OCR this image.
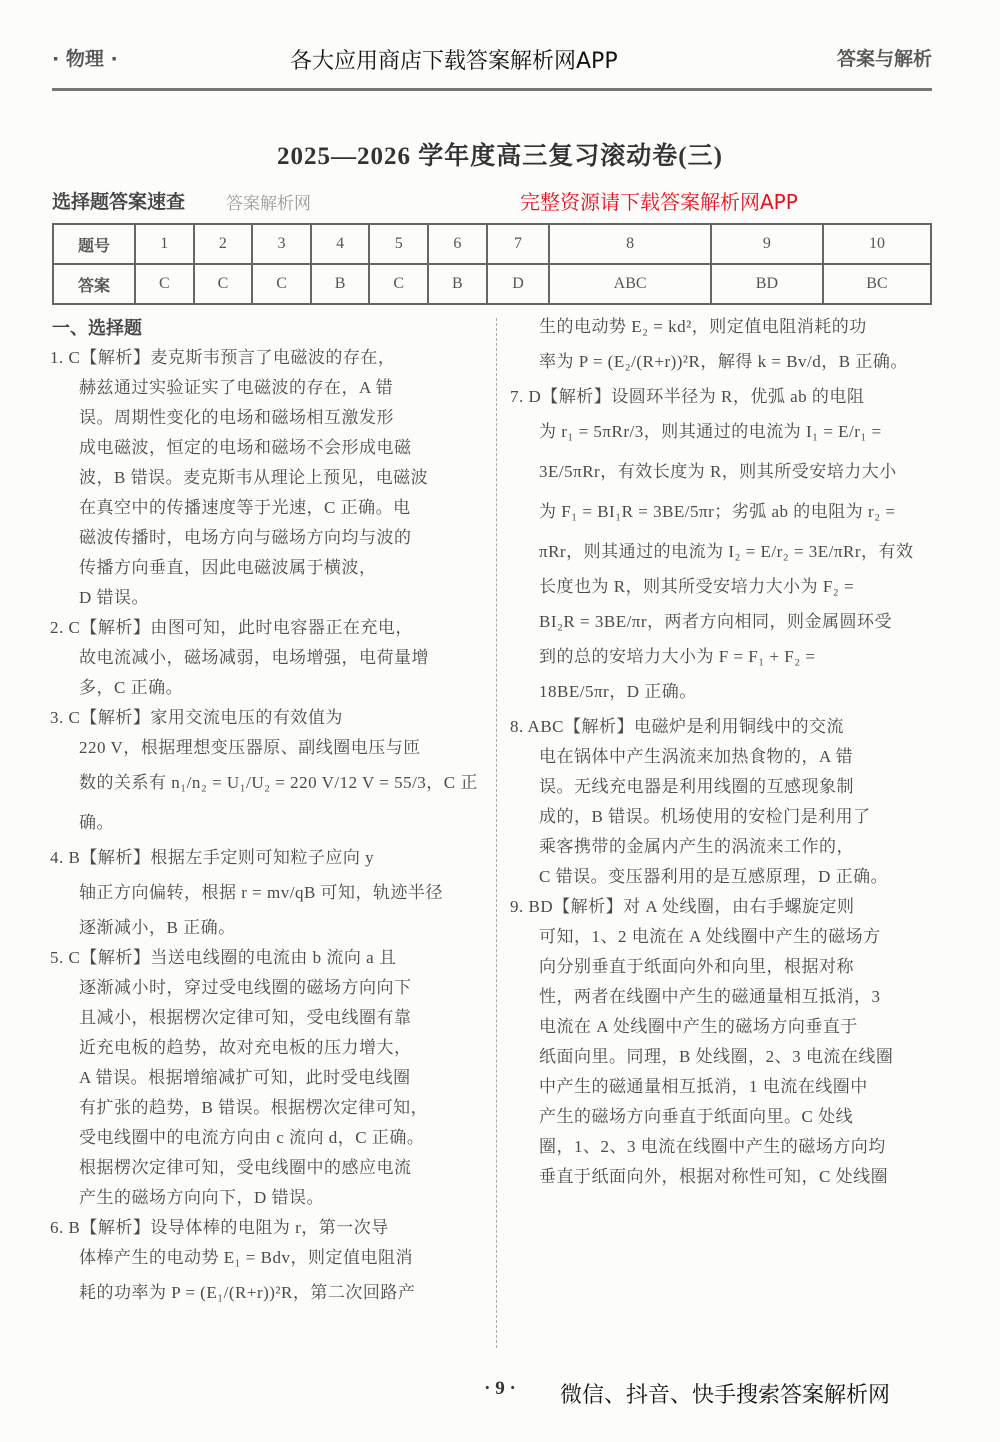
· 物理 ·	答案与解析
2025—2026 学年度高三复习滚动卷(三)
选择题答案速查 答案解析网
题号	1	2	3	4	5	6	7	8	9	10
答案	C	C	C	B	C	B	D	ABC	BD	BC
一、选择题
1. C【解析】麦克斯韦预言了电磁波的存在，
赫兹通过实验证实了电磁波的存在，A 错
误。周期性变化的电场和磁场相互激发形
成电磁波，恒定的电场和磁场不会形成电磁
波，B 错误。麦克斯韦从理论上预见，电磁波
在真空中的传播速度等于光速，C 正确。电
磁波传播时，电场方向与磁场方向均与波的
传播方向垂直，因此电磁波属于横波，
D 错误。
2. C【解析】由图可知，此时电容器正在充电，
故电流减小，磁场减弱，电场增强，电荷量增
多，C 正确。
3. C【解析】家用交流电压的有效值为
220 V，根据理想变压器原、副线圈电压与匝
数的关系有 n₁/n₂ = U₁/U₂ = 220 V/12 V = 55/3，C 正确。
4. B【解析】根据左手定则可知粒子应向 y
轴正方向偏转，根据 r = mv/qB 可知，轨迹半径
逐渐减小，B 正确。
5. C【解析】当送电线圈的电流由 b 流向 a 且
逐渐减小时，穿过受电线圈的磁场方向向下
且减小，根据楞次定律可知，受电线圈有靠
近充电板的趋势，故对充电板的压力增大，
A 错误。根据增缩减扩可知，此时受电线圈
有扩张的趋势，B 错误。根据楞次定律可知，
受电线圈中的电流方向由 c 流向 d，C 正确。
根据楞次定律可知，受电线圈中的感应电流
产生的磁场方向向下，D 错误。
6. B【解析】设导体棒的电阻为 r，第一次导
体棒产生的电动势 E₁ = Bdv，则定值电阻消
耗的功率为 P = (E₁/(R+r))²R，第二次回路产
生的电动势 E₂ = kd²，则定值电阻消耗的功
率为 P = (E₂/(R+r))²R，解得 k = Bv/d，B 正确。
7. D【解析】设圆环半径为 R，优弧 ab 的电阻
为 r₁ = 5πRr/3，则其通过的电流为 I₁ = E/r₁ =
3E/5πRr，有效长度为 R，则其所受安培力大小
为 F₁ = BI₁R = 3BE/5πr；劣弧 ab 的电阻为 r₂ =
πRr，则其通过的电流为 I₂ = E/r₂ = 3E/πRr，有效
长度也为 R，则其所受安培力大小为 F₂ =
BI₂R = 3BE/πr，两者方向相同，则金属圆环受
到的总的安培力大小为 F = F₁ + F₂ =
18BE/5πr，D 正确。
8. ABC【解析】电磁炉是利用铜线中的交流
电在锅体中产生涡流来加热食物的，A 错
误。无线充电器是利用线圈的互感现象制
成的，B 错误。机场使用的安检门是利用了
乘客携带的金属内产生的涡流来工作的，
C 错误。变压器利用的是互感原理，D 正确。
9. BD【解析】对 A 处线圈，由右手螺旋定则
可知，1、2 电流在 A 处线圈中产生的磁场方
向分别垂直于纸面向外和向里，根据对称
性，两者在线圈中产生的磁通量相互抵消，3
电流在 A 处线圈中产生的磁场方向垂直于
纸面向里。同理，B 处线圈，2、3 电流在线圈
中产生的磁通量相互抵消，1 电流在线圈中
产生的磁场方向垂直于纸面向里。C 处线
圈，1、2、3 电流在线圈中产生的磁场方向均
垂直于纸面向外，根据对称性可知，C 处线圈
· 9 ·
各大应用商店下载答案解析网APP
完整资源请下载答案解析网APP
微信、抖音、快手搜索答案解析网
